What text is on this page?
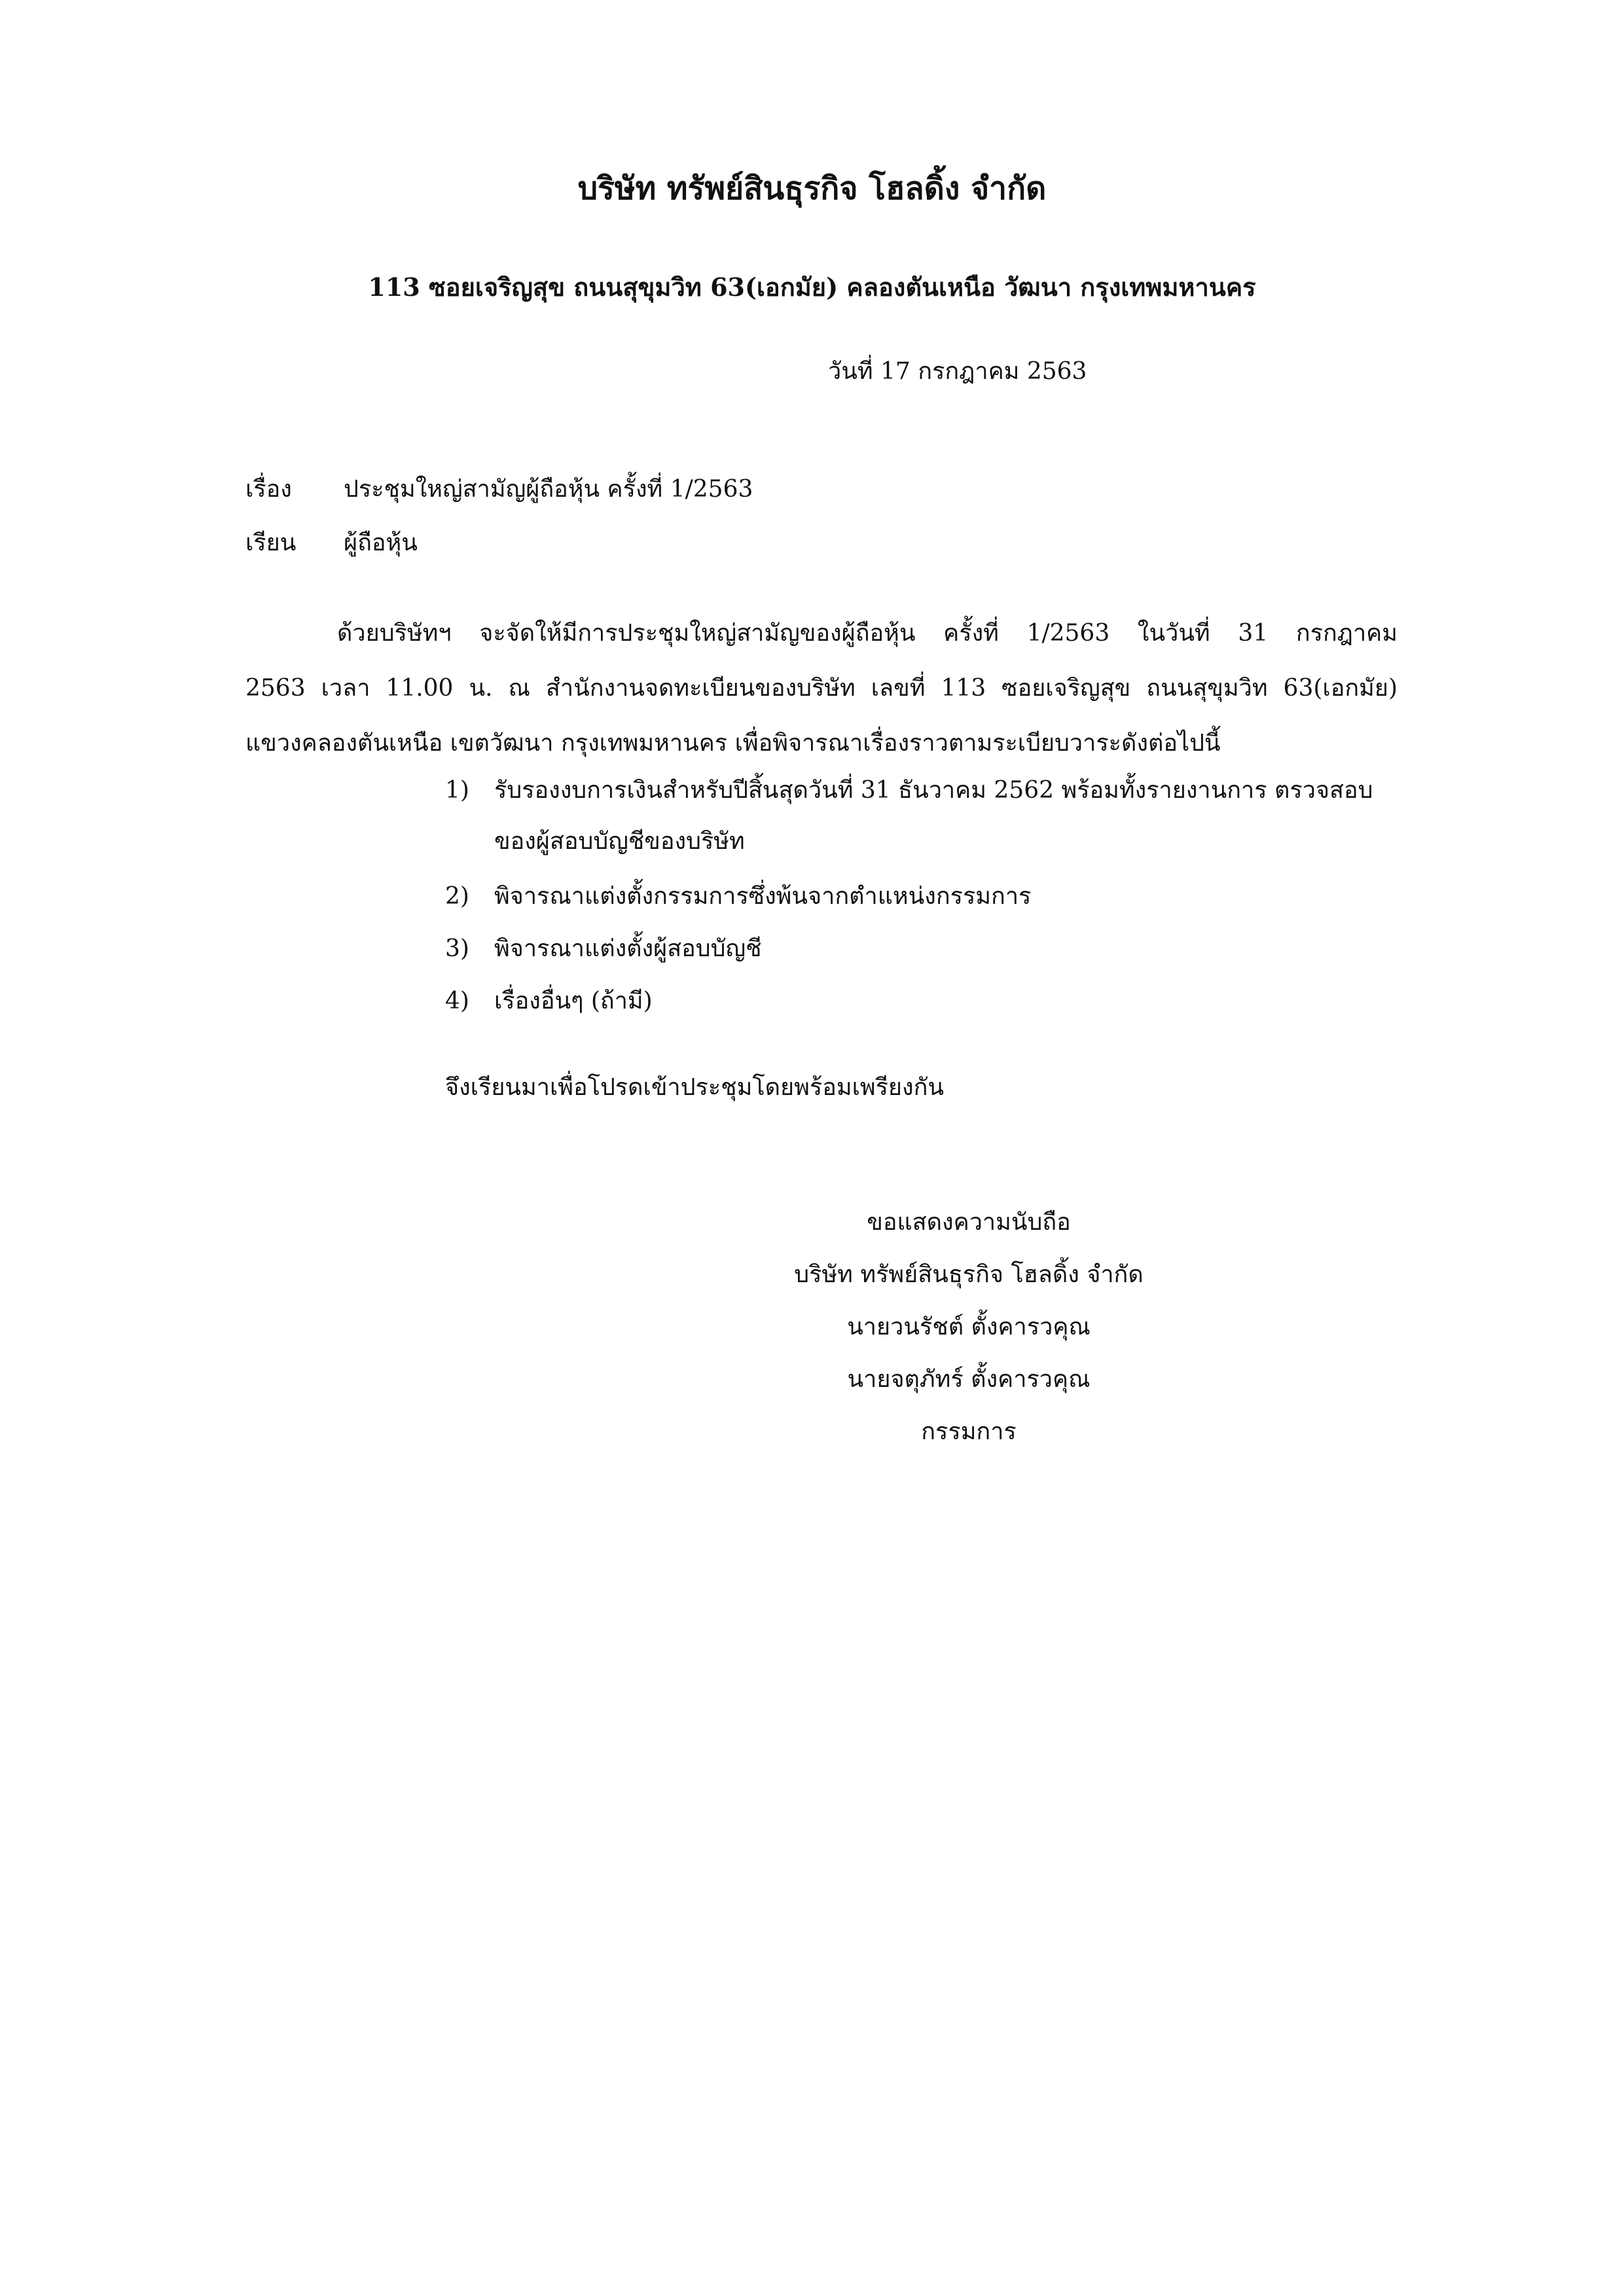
บริษัท ทรัพย์สินธุรกิจ โฮลดิ้ง จำกัด
113 ซอยเจริญสุข ถนนสุขุมวิท 63(เอกมัย) คลองตันเหนือ วัฒนา กรุงเทพมหานคร
วันที่ 17 กรกฎาคม 2563
เรื่อง ประชุมใหญ่สามัญผู้ถือหุ้น ครั้งที่ 1/2563
เรียน ผู้ถือหุ้น
ด้วยบริษัทฯ จะจัดให้มีการประชุมใหญ่สามัญของผู้ถือหุ้น ครั้งที่ 1/2563 ในวันที่ 31 กรกฎาคม
2563 เวลา 11.00 น. ณ สำนักงานจดทะเบียนของบริษัท เลขที่ 113 ซอยเจริญสุข ถนนสุขุมวิท 63(เอกมัย)
แขวงคลองตันเหนือ เขตวัฒนา กรุงเทพมหานคร เพื่อพิจารณาเรื่องราวตามระเบียบวาระดังต่อไปนี้
1) รับรองงบการเงินสำหรับปีสิ้นสุดวันที่ 31 ธันวาคม 2562 พร้อมทั้งรายงานการ ตรวจสอบ
ของผู้สอบบัญชีของบริษัท
2) พิจารณาแต่งตั้งกรรมการซึ่งพ้นจากตำแหน่งกรรมการ
3) พิจารณาแต่งตั้งผู้สอบบัญชี
4) เรื่องอื่นๆ (ถ้ามี)
จึงเรียนมาเพื่อโปรดเข้าประชุมโดยพร้อมเพรียงกัน
ขอแสดงความนับถือ
บริษัท ทรัพย์สินธุรกิจ โฮลดิ้ง จำกัด
นายวนรัชต์ ตั้งคารวคุณ
นายจตุภัทร์ ตั้งคารวคุณ
กรรมการ
